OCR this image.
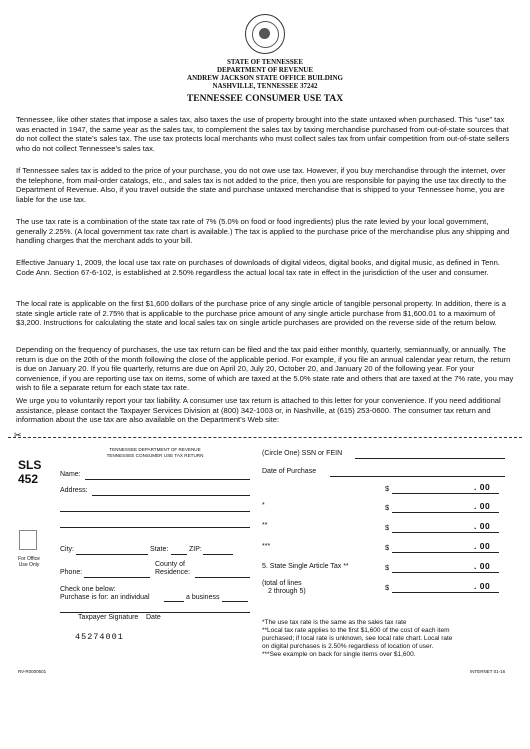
STATE OF TENNESSEE
DEPARTMENT OF REVENUE
ANDREW JACKSON STATE OFFICE BUILDING
NASHVILLE, TENNESSEE 37242
TENNESSEE CONSUMER USE TAX

Tennessee, like other states that impose a sales tax, also taxes the use of property brought into the state untaxed when purchased. This “use” tax was enacted in 1947, the same year as the sales tax, to complement the sales tax by taxing merchandise purchased from out-of-state sources that do not collect the state’s sales tax. The use tax protects local merchants who must collect sales tax from unfair competition from out-of-state sellers who do not collect Tennessee’s sales tax.

If Tennessee sales tax is added to the price of your purchase, you do not owe use tax. However, if you buy merchandise through the internet, over the telephone, from mail-order catalogs, etc., and sales tax is not added to the price, then you are responsible for paying the use tax directly to the Department of Revenue. Also, if you travel outside the state and purchase untaxed merchandise that is shipped to your Tennessee home, you are liable for the use tax.

The use tax rate is a combination of the state tax rate of 7% (5.0% on food or food ingredients) plus the rate levied by your local government, generally 2.25%. (A local government tax rate chart is available.) The tax is applied to the purchase price of the merchandise plus any shipping and handling charges that the merchant adds to your bill.

Effective January 1, 2009, the local use tax rate on purchases of downloads of digital videos, digital books, and digital music, as defined in Tenn. Code Ann. Section 67-6-102, is established at 2.50% regardless the actual local tax rate in effect in the jurisdiction of the user and consumer.

The local rate is applicable on the first $1,600 dollars of the purchase price of any single article of tangible personal property. In addition, there is a state single article rate of 2.75% that is applicable to the purchase price amount of any single article purchase from $1,600.01 to a maximum of $3,200. Instructions for calculating the state and local sales tax on single article purchases are provided on the reverse side of the return below.

Depending on the frequency of purchases, the use tax return can be filed and the tax paid either monthly, quarterly, semiannually, or annually. The return is due on the 20th of the month following the close of the applicable period. For example, if you file an annual calendar year return, the return is due on January 20. If you file quarterly, returns are due on April 20, July 20, October 20, and January 20 of the following year. For your convenience, if you are reporting use tax on items, some of which are taxed at the 5.0% state rate and others that are taxed at the 7% rate, you may wish to file a separate return for each state tax rate.

We urge you to voluntarily report your tax liability. A consumer use tax return is attached to this letter for your convenience. If you need additional assistance, please contact the Taxpayer Services Division at (800) 342-1003 or, in Nashville, at (615) 253-0600. The consumer tax return and information about the use tax are also available on the Department’s Web site:

✂
TENNESSEE DEPARTMENT OF REVENUE
TENNESSEE CONSUMER USE TAX RETURN
SLS
452	Name:
Address:
City:	State:	ZIP:
Phone:
County of
Residence:
Check one below:
Purchase is for: an individual	a business
Taxpayer Signature Date
For Office
Use Only
45274001
(Circle One) SSN or FEIN
Date of Purchase
$	. 00
*	$	. 00
**	$	. 00
***	$	. 00
5. State Single Article Tax **	$	. 00
(total of lines
2 through 5)	$	. 00
*The use tax rate is the same as the sales tax rate
**Local tax rate applies to the first $1,600 of the cost of each item
purchased; if local rate is unknown, see local rate chart. Local rate
on digital purchases is 2.50% regardless of location of user.
***See example on back for single items over $1,600.
RV-R0000501	INTERNET 01-16
